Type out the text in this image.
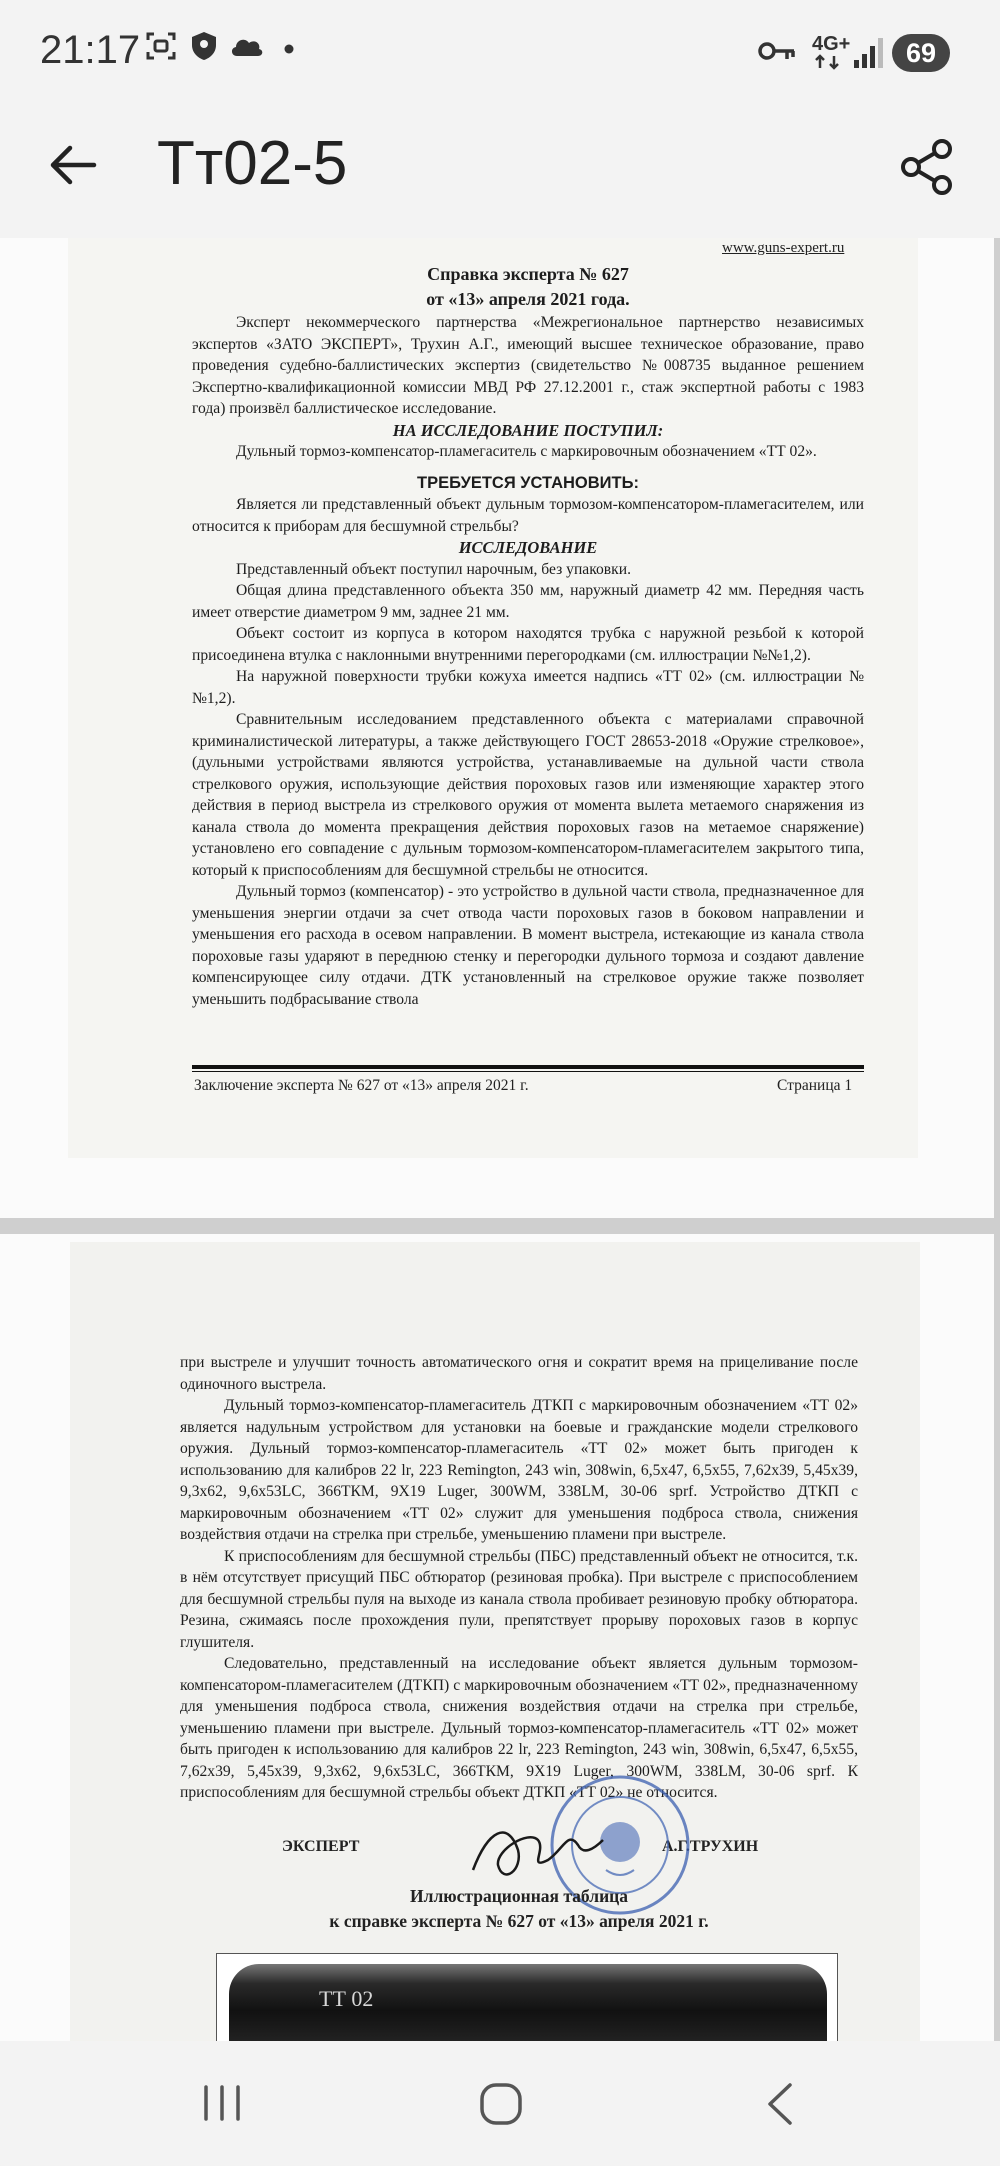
21:17	4G+	69
Тт02-5
www.guns-expert.ru

Справка эксперта № 627

от «13» апреля 2021 года.

Эксперт некоммерческого партнерства «Межрегиональное партнерство независимых экспертов «ЗАТО ЭКСПЕРТ», Трухин А.Г., имеющий высшее техническое образование, право проведения судебно-баллистических экспертиз (свидетельство №008735 выданное решением Экспертно-квалификационной комиссии МВД РФ 27.12.2001 г., стаж экспертной работы с 1983 года) произвёл баллистическое исследование.

НА ИССЛЕДОВАНИЕ ПОСТУПИЛ:

Дульный тормоз-компенсатор-пламегаситель с маркировочным обозначением «ТТ 02».

ТРЕБУЕТСЯ УСТАНОВИТЬ:

Является ли представленный объект дульным тормозом-компенсатором-пламегасителем, или относится к приборам для бесшумной стрельбы?

ИССЛЕДОВАНИЕ

Представленный объект поступил нарочным, без упаковки.

Общая длина представленного объекта 350 мм, наружный диаметр 42 мм. Передняя часть имеет отверстие диаметром 9 мм, заднее 21 мм.

Объект состоит из корпуса в котором находятся трубка с наружной резьбой к которой присоединена втулка с наклонными внутренними перегородками (см. иллюстрации №№1,2).

На наружной поверхности трубки кожуха имеется надпись «ТТ 02» (см. иллюстрации №№1,2).

Сравнительным исследованием представленного объекта с материалами справочной криминалистической литературы, а также действующего ГОСТ 28653-2018 «Оружие стрелковое», (дульными устройствами являются устройства, устанавливаемые на дульной части ствола стрелкового оружия, использующие действия пороховых газов или изменяющие характер этого действия в период выстрела из стрелкового оружия от момента вылета метаемого снаряжения из канала ствола до момента прекращения действия пороховых газов на метаемое снаряжение) установлено его совпадение с дульным тормозом-компенсатором-пламегасителем закрытого типа, который к приспособлениям для бесшумной стрельбы не относится.

Дульный тормоз (компенсатор) - это устройство в дульной части ствола, предназначенное для уменьшения энергии отдачи за счет отвода части пороховых газов в боковом направлении и уменьшения его расхода в осевом направлении. В момент выстрела, истекающие из канала ствола пороховые газы ударяют в переднюю стенку и перегородки дульного тормоза и создают давление компенсирующее силу отдачи. ДТК установленный на стрелковое оружие также позволяет уменьшить подбрасывание ствола

Заключение эксперта № 627 от «13» апреля 2021 г.	Страница 1

при выстреле и улучшит точность автоматического огня и сократит время на прицеливание после одиночного выстрела.

Дульный тормоз-компенсатор-пламегаситель ДТКП с маркировочным обозначением «ТТ 02» является надульным устройством для установки на боевые и гражданские модели стрелкового оружия. Дульный тормоз-компенсатор-пламегаситель «ТТ 02» может быть пригоден к использованию для калибров 22 lr, 223 Remington, 243 win, 308win, 6,5х47, 6,5х55, 7,62х39, 5,45х39, 9,3х62, 9,6х53LC, 366ТКМ, 9Х19 Luger, 300WM, 338LM, 30-06 sprf. Устройство ДТКП с маркировочным обозначением «ТТ 02» служит для уменьшения подброса ствола, снижения воздействия отдачи на стрелка при стрельбе, уменьшению пламени при выстреле.

К приспособлениям для бесшумной стрельбы (ПБС) представленный объект не относится, т.к. в нём отсутствует присущий ПБС обтюратор (резиновая пробка). При выстреле с приспособлением для бесшумной стрельбы пуля на выходе из канала ствола пробивает резиновую пробку обтюратора. Резина, сжимаясь после прохождения пули, препятствует прорыву пороховых газов в корпус глушителя.

Следовательно, представленный на исследование объект является дульным тормозом-компенсатором-пламегасителем (ДТКП) с маркировочным обозначением «ТТ 02», предназначенному для уменьшения подброса ствола, снижения воздействия отдачи на стрелка при стрельбе, уменьшению пламени при выстреле. Дульный тормоз-компенсатор-пламегаситель «ТТ 02» может быть пригоден к использованию для калибров 22 lr, 223 Remington, 243 win, 308win, 6,5х47, 6,5х55, 7,62х39, 5,45х39, 9,3х62, 9,6х53LC, 366ТКМ, 9Х19 Luger, 300WM, 338LM, 30-06 sprf. К приспособлениям для бесшумной стрельбы объект ДТКП «ТТ 02» не относится.

ЭКСПЕРТ	А.Г.ТРУХИН
Иллюстрационная таблица
к справке эксперта № 627 от «13» апреля 2021 г.
ТТ 02
